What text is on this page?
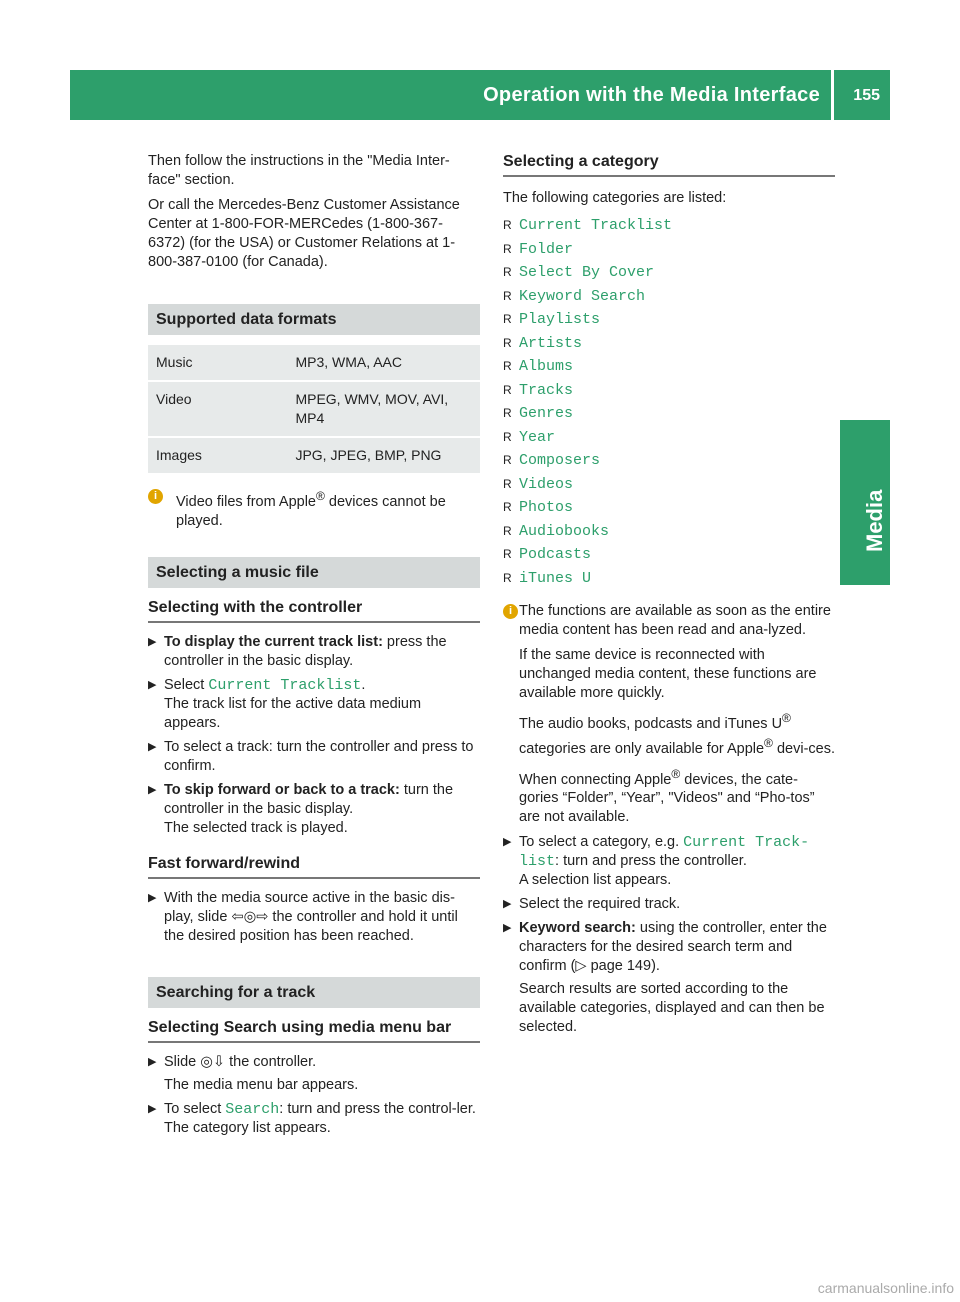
Operation with the Media Interface 155
Media

Then follow the instructions in the "Media Inter-face" section.

Or call the Mercedes-Benz Customer Assistance Center at 1-800-FOR-MERCedes (1-800-367-6372) (for the USA) or Customer Relations at 1-800-387-0100 (for Canada).

Supported data formats
Music	MP3, WMA, AAC
Video	MPEG, WMV, MOV, AVI, MP4
Images	JPG, JPEG, BMP, PNG
i	Video files from Apple® devices cannot be played.
Selecting a music file
Selecting with the controller
▶ To display the current track list: press the controller in the basic display.
▶ Select Current Tracklist.
The track list for the active data medium appears.
▶ To select a track: turn the controller and press to confirm.
▶ To skip forward or back to a track: turn the controller in the basic display.
The selected track is played.
Fast forward/rewind
▶ With the media source active in the basic dis-play, slide ⇦◎⇨ the controller and hold it until the desired position has been reached.
Searching for a track
Selecting Search using media menu bar
▶ Slide ◎⇩ the controller.
The media menu bar appears.
▶ To select Search: turn and press the control-ler.
The category list appears.
Selecting a category

The following categories are listed:

R Current Tracklist
R Folder
R Select By Cover
R Keyword Search
R Playlists
R Artists
R Albums
R Tracks
R Genres
R Year
R Composers
R Videos
R Photos
R Audiobooks
R Podcasts
R iTunes U
i The functions are available as soon as the entire media content has been read and ana-lyzed.

If the same device is reconnected with unchanged media content, these functions are available more quickly.

The audio books, podcasts and iTunes U® categories are only available for Apple® devi-ces.

When connecting Apple® devices, the cate-gories “Folder”, “Year”, "Videos" and “Pho-tos” are not available.

▶ To select a category, e.g. Current Track-list: turn and press the controller.
A selection list appears.
▶ Select the required track.
▶ Keyword search: using the controller, enter the characters for the desired search term and confirm (▷ page 149).
Search results are sorted according to the available categories, displayed and can then be selected.
carmanualsonline.info
